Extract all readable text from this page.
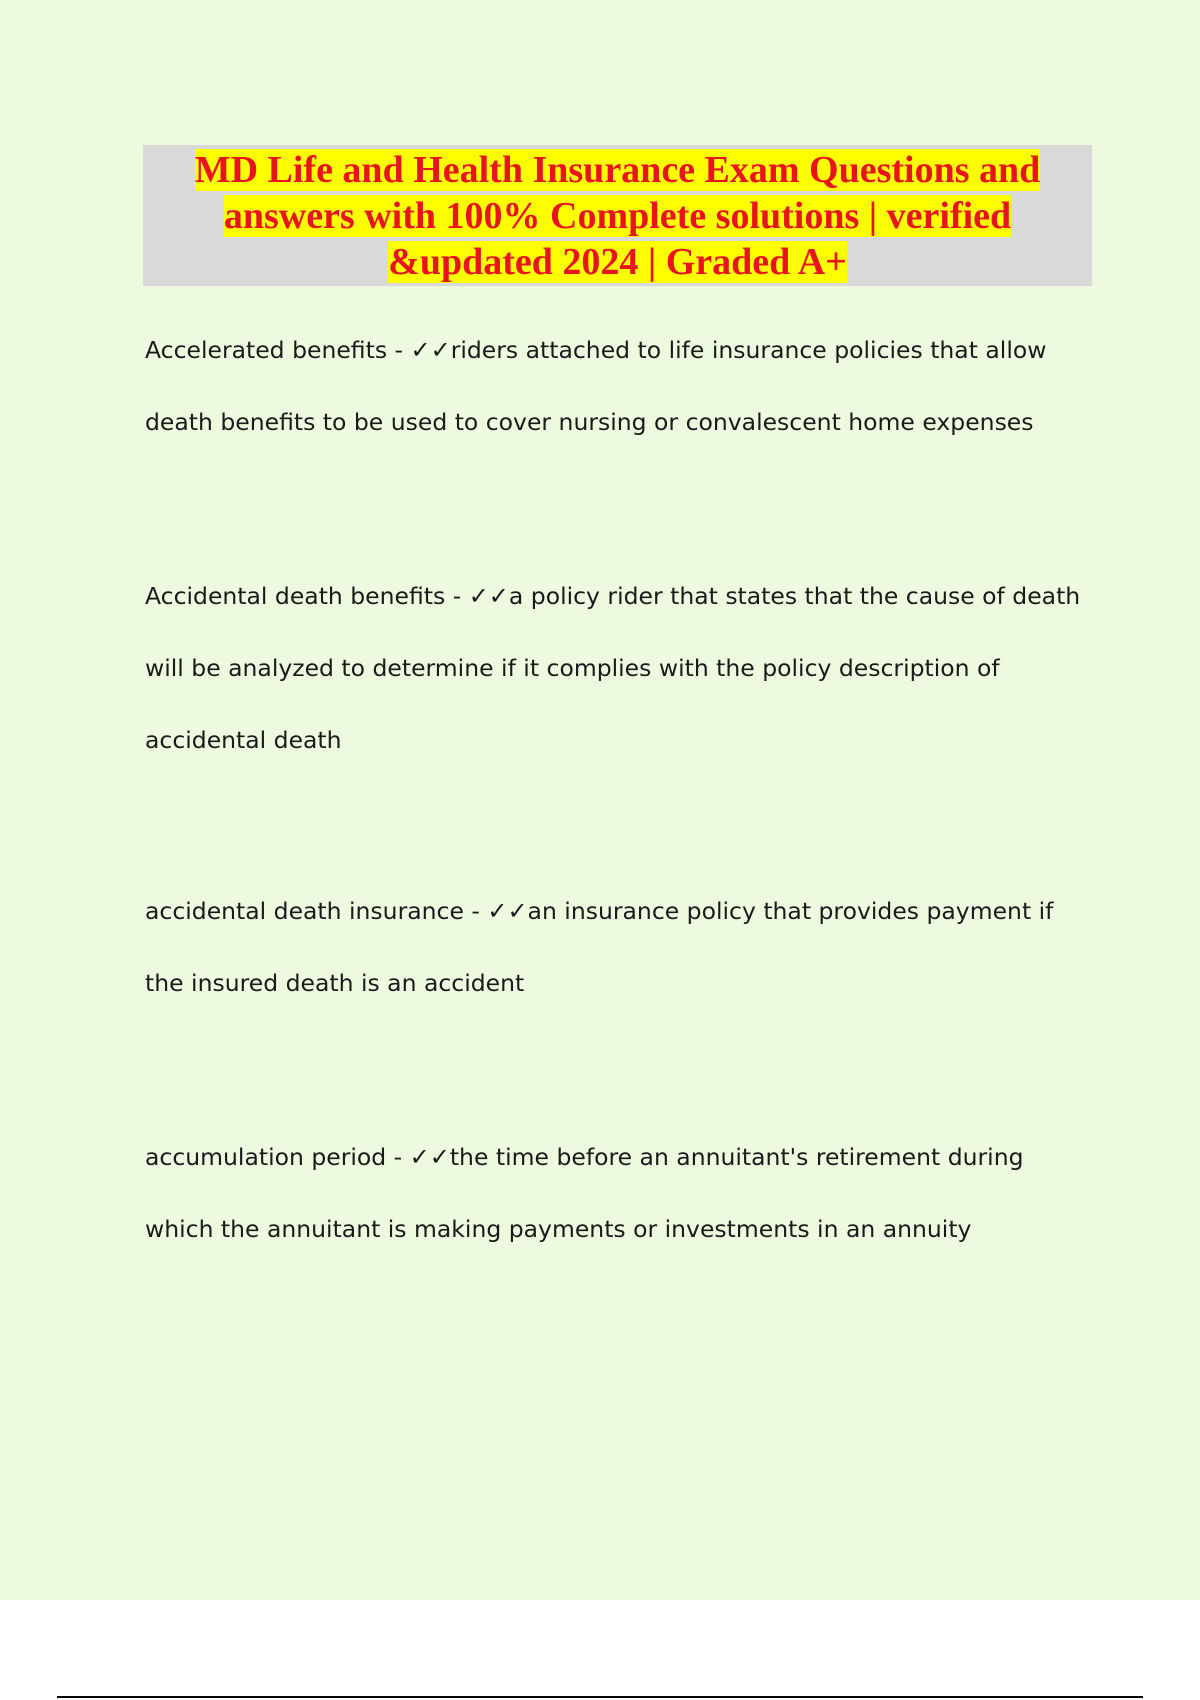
MD Life and Health Insurance Exam Questions and answers with 100% Complete solutions | verified &updated 2024 | Graded A+

Accelerated benefits - ✓✓riders attached to life insurance policies that allow death benefits to be used to cover nursing or convalescent home expenses

Accidental death benefits - ✓✓a policy rider that states that the cause of death will be analyzed to determine if it complies with the policy description of accidental death

accidental death insurance - ✓✓an insurance policy that provides payment if the insured death is an accident

accumulation period - ✓✓the time before an annuitant's retirement during which the annuitant is making payments or investments in an annuity
